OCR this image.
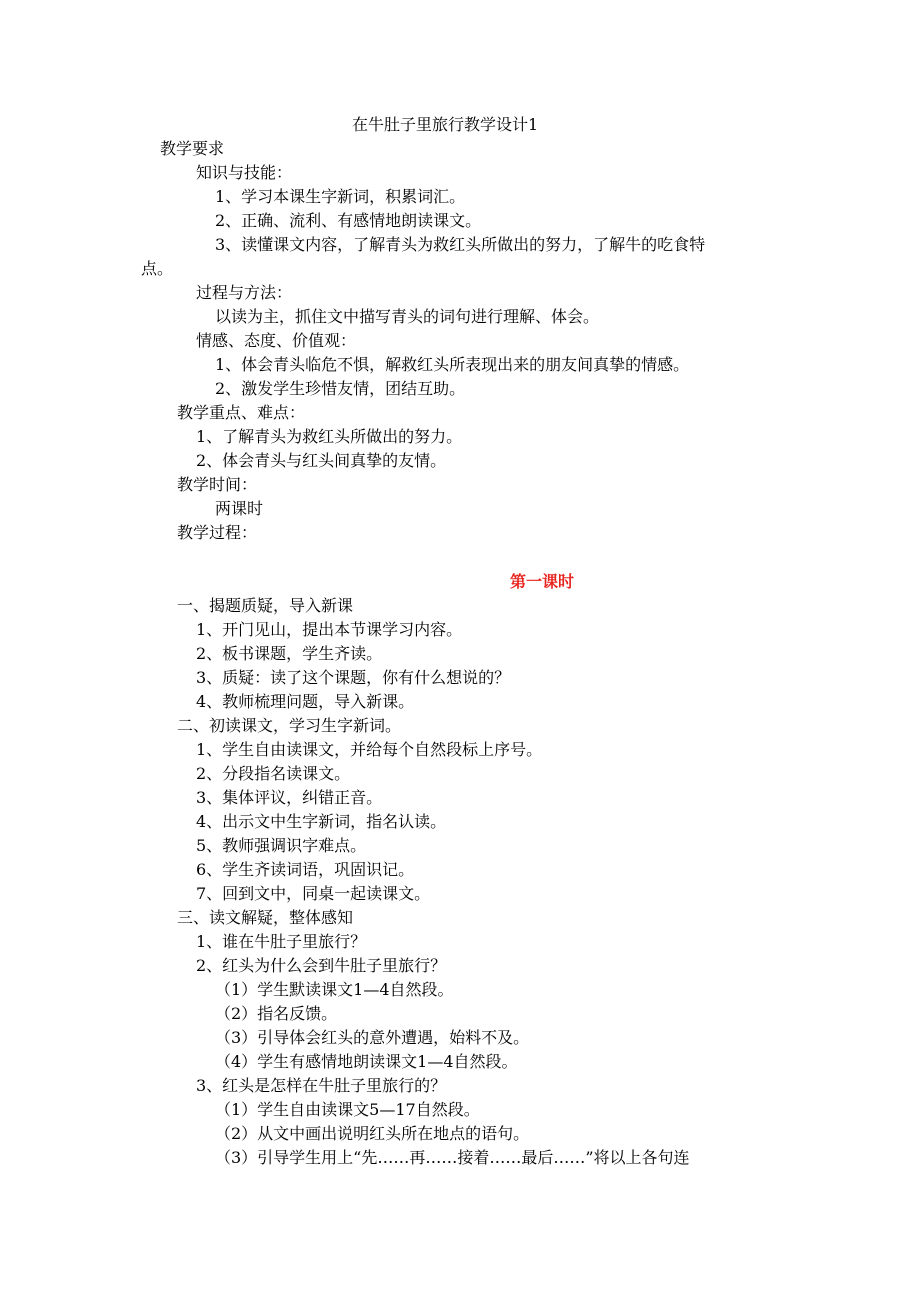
在牛肚子里旅行教学设计1
教学要求
知识与技能：
1、学习本课生字新词，积累词汇。
2、正确、流利、有感情地朗读课文。
3、读懂课文内容，了解青头为救红头所做出的努力，了解牛的吃食特
点。
过程与方法：
以读为主，抓住文中描写青头的词句进行理解、体会。
情感、态度、价值观：
1、体会青头临危不惧，解救红头所表现出来的朋友间真挚的情感。
2、激发学生珍惜友情，团结互助。
教学重点、难点：
1、了解青头为救红头所做出的努力。
2、体会青头与红头间真挚的友情。
教学时间：
两课时
教学过程：
第一课时
一、揭题质疑，导入新课
1、开门见山，提出本节课学习内容。
2、板书课题，学生齐读。
3、质疑：读了这个课题，你有什么想说的？
4、教师梳理问题，导入新课。
二、初读课文，学习生字新词。
1、学生自由读课文，并给每个自然段标上序号。
2、分段指名读课文。
3、集体评议，纠错正音。
4、出示文中生字新词，指名认读。
5、教师强调识字难点。
6、学生齐读词语，巩固识记。
7、回到文中，同桌一起读课文。
三、读文解疑，整体感知
1、谁在牛肚子里旅行？
2、红头为什么会到牛肚子里旅行？
（1）学生默读课文1—4自然段。
（2）指名反馈。
（3）引导体会红头的意外遭遇，始料不及。
（4）学生有感情地朗读课文1—4自然段。
3、红头是怎样在牛肚子里旅行的？
（1）学生自由读课文5—17自然段。
（2）从文中画出说明红头所在地点的语句。
（3）引导学生用上“先……再……接着……最后……”将以上各句连
